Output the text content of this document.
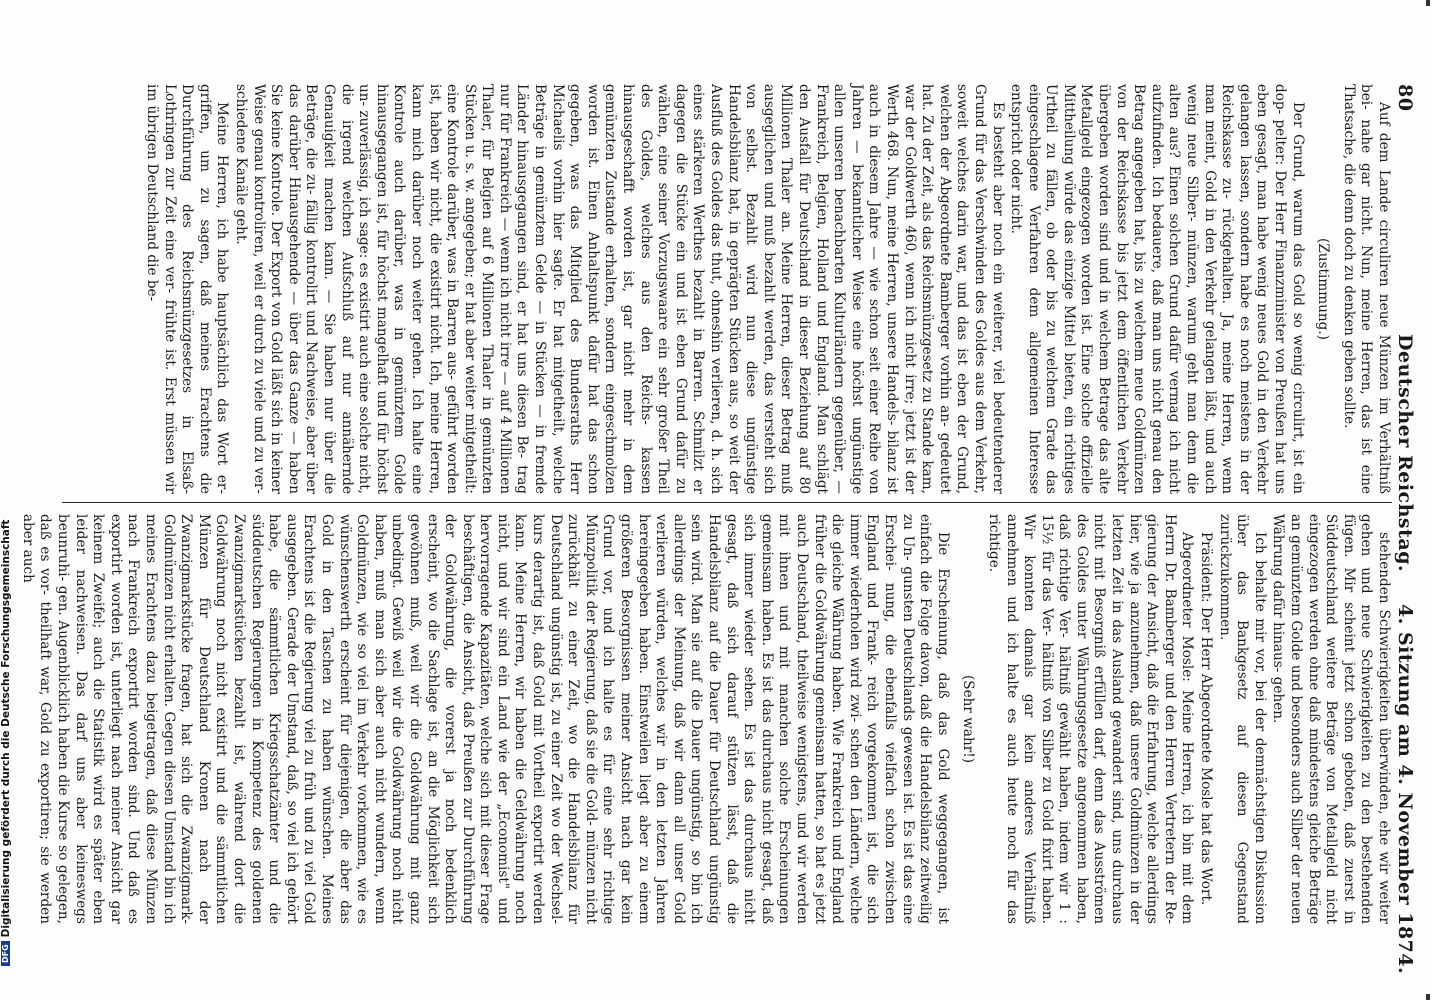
80
Deutscher Reichstag.
4. Sitzung am 4. November 1874.

Auf dem Lande circuliren neue Münzen im Verhältniß bei- nahe gar nicht. Nun, meine Herren, das ist eine Thatsache, die denn doch zu denken geben sollte.

(Zustimmung.)

Der Grund, warum das Gold so wenig circulirt, ist ein dop- pelter: Der Herr Finanzminister von Preußen hat uns eben gesagt, man habe wenig neues Gold in den Verkehr gelangen lassen, sondern habe es noch meistens in der Reichskasse zu- rückgehalten. Ja, meine Herren, wenn man meint, Gold in den Verkehr gelangen läßt, und auch wenig neue Silber- münzen, warum geht man denn die alten aus? Einen solchen Grund dafür vermag ich nicht aufzufinden. Ich bedauere, daß man uns nicht genau den Betrag angegeben hat, bis zu welchem neue Goldmünzen von der Reichskasse bis jetzt dem öffentlichen Verkehr übergeben worden sind und in welchem Betrage das alte Metallgeld eingezogen worden ist. Eine solche offizielle Mittheilung würde das einzige Mittel bieten, ein richtiges Urtheil zu fällen, ob oder bis zu welchem Grade das eingeschlagene Verfahren dem allgemeinen Interesse entspricht oder nicht.

Es besteht aber noch ein weiterer, viel bedeutenderer Grund für das Verschwinden des Goldes aus dem Verkehr, soweit welches darin war, und das ist eben der Grund, welchen der Abgeordnete Bamberger vorhin an- gedeutet hat. Zu der Zeit, als das Reichsmünzgesetz zu Stande kam, war der Goldwerth 460, wenn ich nicht irre; jetzt ist der Werth 468. Nun, meine Herren, unsere Handels- bilanz ist auch in diesem Jahre — wie schon seit einer Reihe von Jahren — bekanntlicher Weise eine höchst ungünstige allen unseren benachbarten Kulturländern gegenüber, — Frankreich, Belgien, Holland und England. Man schlägt den Ausfall für Deutschland in dieser Beziehung auf 80 Millionen Thaler an. Meine Herren, dieser Betrag muß ausgeglichen und muß bezahlt werden, das versteht sich von selbst. Bezahlt wird nun diese ungünstige Handelsbilanz hat, in geprägten Stücken aus, so weit der Ausfluß des Goldes das thut, ohneshin verlieren, d. h. sich eines stärkeren Werthes bezahlt in Barren. Schmilzt er dagegen die Stücke ein und ist eben Grund dafür zu wählen, eine seiner Vorzugswaare ein sehr großer Theil des Goldes, welches aus den Reichs- kassen hinausgeschafft worden ist, gar nicht mehr in dem gemünzten Zustande erhalten, sondern eingeschmolzen worden ist. Einen Anhaltspunkt dafür hat das schon gegeben, was das Mitglied des Bundesraths Herr Michaelis vorhin hier sagte. Er hat mitgetheilt, welche Beträge in gemünztem Gelde — in Stücken — in fremde Länder hinausgegangen sind, er hat uns diesen Be- trag nur für Frankreich — wenn ich nicht irre — auf 4 Millionen Thaler, für Belgien auf 6 Millionen Thaler in gemünzten Stücken u. s. w. angegeben; er hat aber weiter mitgetheilt: eine Kontrole darüber, was in Barren aus- geführt worden ist, haben wir nicht, die existirt nicht. Ich, meine Herren, kann mich darüber noch weiter gehen. Ich halte eine Kontrole auch darüber, was in gemünztem Golde hinausgegangen ist, für höchst mangelhaft und für höchst un- zuverlässig, ich sage: es existirt auch eine solche nicht, die irgend welchen Aufschluß auf nur annähernde Genauigkeit machen kann. — Sie haben nur über die Beträge, die zu- fällig kontrolirt und Nachweise, aber über das darüber Hinausgehende — über das Ganze — haben Sie keine Kontrole. Der Export von Gold läßt sich in keiner Weise genau kontroliren, weil er durch zu viele und zu ver- schiedene Kanäle geht.

Meine Herren, ich habe hauptsächlich das Wort er- griffen, um zu sagen, daß meines Erachtens die Durchführung des Reichsmünzgesetzes in Elsaß-Lothringen zur Zeit eine ver- frühte ist. Erst müssen wir im übrigen Deutschland die be-

stehenden Schwierigkeiten überwinden, ehe wir weiter gehen und neue Schwierigkeiten zu den bestehenden fügen. Mir scheint jetzt schon geboten, daß zuerst in Süddeutschland weitere Beträge von Metallgeld nicht eingezogen werden ohne daß mindestens gleiche Beträge an gemünztem Golde und besonders auch Silber der neuen Währung dafür hinaus- gehen.

Ich behalte mir vor, bei der demnächstigen Diskussion über das Bankgesetz auf diesen Gegenstand zurückzukommen.

Präsident: Der Herr Abgeordnete Mosle hat das Wort.

Abgeordneter Mosle: Meine Herren, ich bin mit dem Herrn Dr. Bamberger und den Herren Vertretern der Re- gierung der Ansicht, daß die Erfahrung, welche allerdings hier, wie ja anzunehmen, daß unsere Goldmünzen in der letzten Zeit in das Ausland gewandert sind, uns durchaus nicht mit Besorgniß erfüllen darf, denn das Ausströmen des Goldes unter Währungsgesetze angenommen haben, daß richtige Ver- hältniß gewählt haben, indem wir 1 : 15½ für das Ver- hältniß von Silber zu Gold fixirt haben. Wir konnten damals gar kein anderes Verhältniß annehmen und ich halte es auch heute noch für das richtige.

(Sehr wahr!)

Die Erscheinung, daß das Gold weggegangen, ist einfach die Folge davon, daß die Handelsbilanz zeitweilig zu Un- gunsten Deutschlands gewesen ist. Es ist das eine Erschei- nung, die ebenfalls vielfach schon zwischen England und Frank- reich vorgekommen ist, die sich immer wiederholen wird zwi- schen den Ländern, welche die gleiche Währung haben. Wie Frankreich und England früher die Goldwährung gemeinsam hatten, so hat es jetzt auch Deutschland, theilweise wenigstens, und wir werden mit ihnen und mit manchen solche Erscheinungen gemeinsam haben. Es ist das durchaus nicht gesagt, daß sich immer wieder sehen. Es ist das durchaus nicht gesagt, daß sich darauf stützen lässt, daß die Handelsbilanz auf die Dauer für Deutschland ungünstig sein wird. Man sie auf die Dauer ungünstig, so bin ich allerdings der Meinung, daß wir dann all unser Gold verlieren würden, welches wir in den letzten Jahren hereingegeben haben. Einstweilen liegt aber zu einem größeren Besorgnissen meiner Ansicht nach gar kein Grund vor, und ich halte es für eine sehr richtige Münzpolitik der Regierung, daß sie die Gold- münzen nicht zurückhält zu einer Zeit, wo die Handelsbilanz für Deutschland ungünstig ist, zu einer Zeit wo der Wechsel- kurs derartig ist, daß Gold mit Vortheil exportirt werden kann. Meine Herren, wir haben die Geldwährung noch nicht, und wir sind ein Land wie der „Economist" und hervorragende Kapazitäten, welche sich mit dieser Frage beschäftigen, die Ansicht, daß Preußen zur Durchführung der Goldwährung, die vorerst ja noch bedenklich erscheint, wo die Sachlage ist, an die Möglichkeit sich gewöhnen muß, weil wir die Goldwährung mit ganz unbedingt. Gewiß weil wir die Goldwährung noch nicht haben, muß man sich aber auch nicht wundern, wenn Goldmünzen, wie so viel im Verkehr vorkommen, wie es wünschenswerth erscheint für diejenigen, die aber das Gold in den Taschen zu haben wünschen. Meines Erachtens ist die Regierung viel zu früh und zu viel Gold ausgegeben. Gerade der Umstand, daß, so viel ich gehört habe, die sämmtlichen Kriegsschatzämter und die süddeutschen Regierungen in Kompetenz des goldenen Zwanzigmarkstücken bezahlt ist, während dort die Goldwährung noch nicht existirt und die sämmtlichen Münzen für Deutschland Kronen nach der Zwanzigmarkstücke fragen, hat sich die Zwanzigmark-Goldmünzen nicht erhalten. Gegen diesen Umstand bin ich meines Erachtens dazu beigetragen, daß diese Münzen nach Frankreich exportirt worden sind. Und daß es exportirt worden ist, unterliegt nach meiner Ansicht gar keinem Zweifel; auch die Statistik wird es später eben leider nachweisen. Das darf uns aber keineswegs beunruhi- gen. Augenblicklich haben die Kurse so gelegen, daß es vor- theilhaft war, Gold zu exportiren; sie werden aber auch

DFGDigitalisierung gefördert durch die Deutsche Forschungsgemeinschaft
